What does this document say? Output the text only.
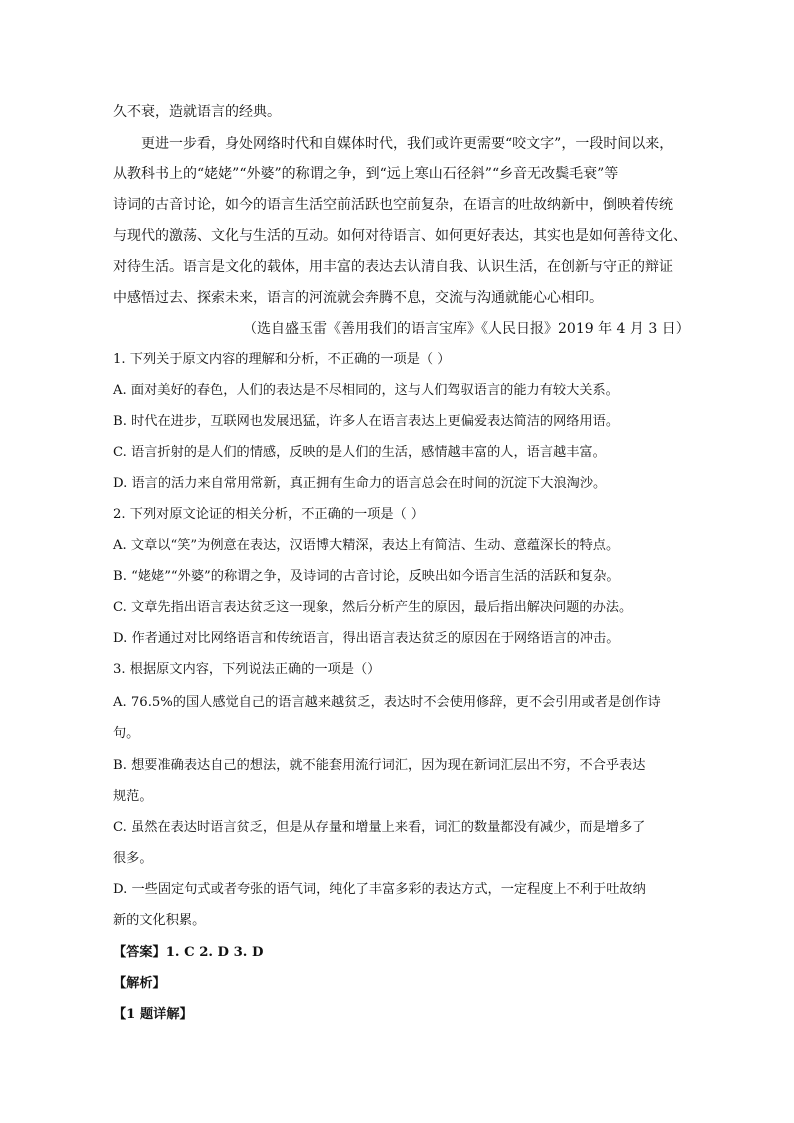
久不衰，造就语言的经典。
更进一步看，身处网络时代和自媒体时代，我们或许更需要“咬文字”，一段时间以来，
从教科书上的“姥姥”“外婆”的称谓之争，到“远上寒山石径斜”“乡音无改鬓毛衰”等
诗词的古音讨论，如今的语言生活空前活跃也空前复杂，在语言的吐故纳新中，倒映着传统
与现代的激荡、文化与生活的互动。如何对待语言、如何更好表达，其实也是如何善待文化、
对待生活。语言是文化的载体，用丰富的表达去认清自我、认识生活，在创新与守正的辩证
中感悟过去、探索未来，语言的河流就会奔腾不息，交流与沟通就能心心相印。
（选自盛玉雷《善用我们的语言宝库》《人民日报》2019 年 4 月 3 日）
1. 下列关于原文内容的理解和分析，不正确的一项是（ ）
A. 面对美好的春色，人们的表达是不尽相同的，这与人们驾驭语言的能力有较大关系。
B. 时代在进步，互联网也发展迅猛，许多人在语言表达上更偏爱表达简洁的网络用语。
C. 语言折射的是人们的情感，反映的是人们的生活，感情越丰富的人，语言越丰富。
D. 语言的活力来自常用常新，真正拥有生命力的语言总会在时间的沉淀下大浪淘沙。
2. 下列对原文论证的相关分析，不正确的一项是（ ）
A. 文章以“笑”为例意在表达，汉语博大精深，表达上有简洁、生动、意蕴深长的特点。
B. “姥姥”“外婆”的称谓之争，及诗词的古音讨论，反映出如今语言生活的活跃和复杂。
C. 文章先指出语言表达贫乏这一现象，然后分析产生的原因，最后指出解决问题的办法。
D. 作者通过对比网络语言和传统语言，得出语言表达贫乏的原因在于网络语言的冲击。
3. 根据原文内容，下列说法正确的一项是（）
A. 76.5%的国人感觉自己的语言越来越贫乏，表达时不会使用修辞，更不会引用或者是创作诗
句。
B. 想要准确表达自己的想法，就不能套用流行词汇，因为现在新词汇层出不穷，不合乎表达
规范。
C. 虽然在表达时语言贫乏，但是从存量和增量上来看，词汇的数量都没有减少，而是增多了
很多。
D. 一些固定句式或者夸张的语气词，纯化了丰富多彩的表达方式，一定程度上不利于吐故纳
新的文化积累。
【答案】1. C 2. D 3. D
【解析】
【1 题详解】
